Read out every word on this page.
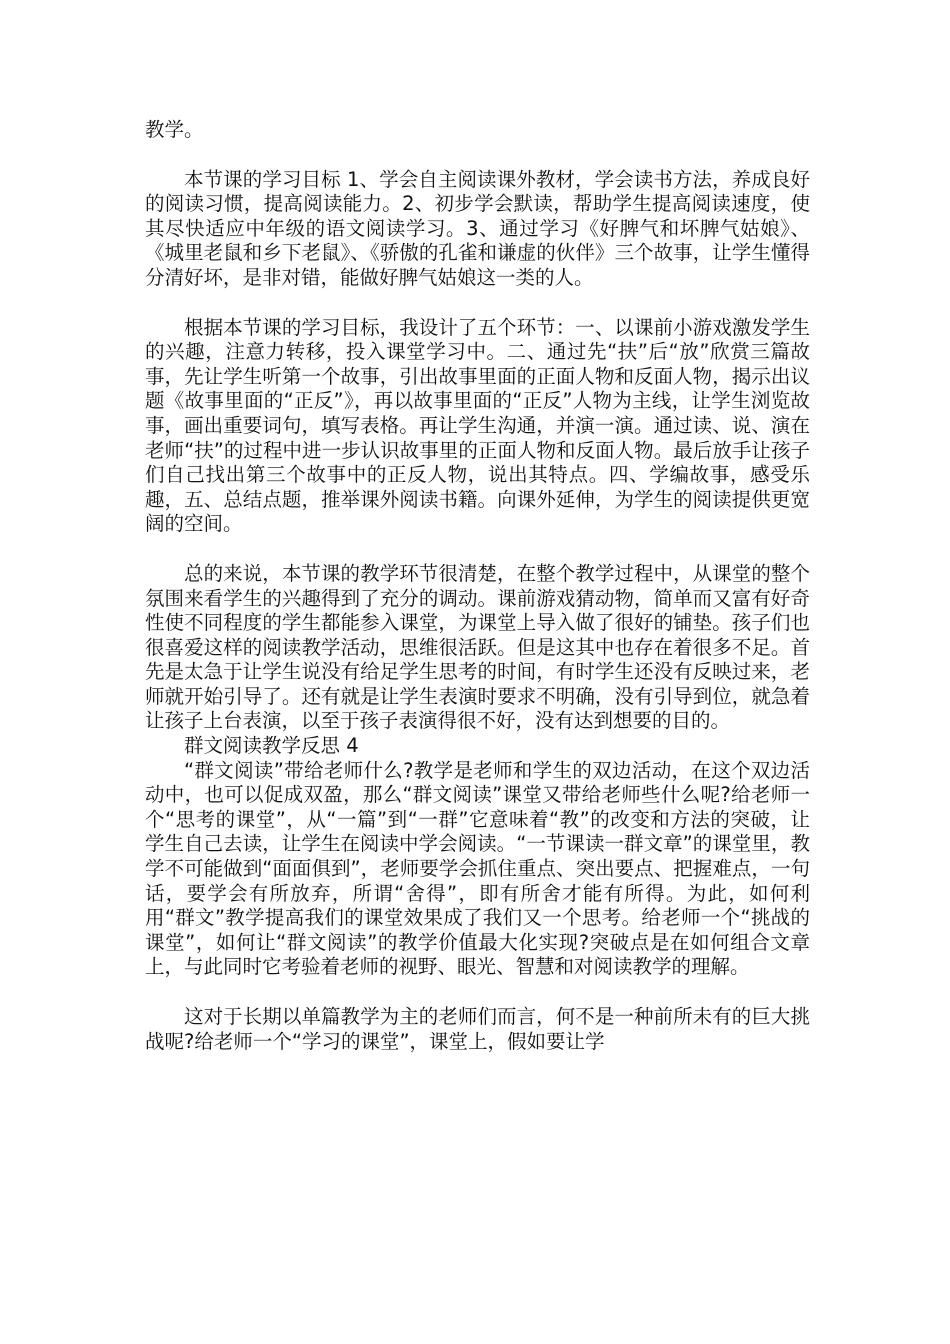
教学。

本节课的学习目标 1、学会自主阅读课外教材，学会读书方法，养成良好的阅读习惯，提高阅读能力。2、初步学会默读，帮助学生提高阅读速度，使其尽快适应中年级的语文阅读学习。3、通过学习《好脾气和坏脾气姑娘》、《城里老鼠和乡下老鼠》、《骄傲的孔雀和谦虚的伙伴》三个故事，让学生懂得分清好坏，是非对错，能做好脾气姑娘这一类的人。

根据本节课的学习目标，我设计了五个环节：一、以课前小游戏激发学生的兴趣，注意力转移，投入课堂学习中。二、通过先“扶”后“放”欣赏三篇故事，先让学生听第一个故事，引出故事里面的正面人物和反面人物，揭示出议题《故事里面的“正反”》，再以故事里面的“正反”人物为主线，让学生浏览故事，画出重要词句，填写表格。再让学生沟通，并演一演。通过读、说、演在老师“扶”的过程中进一步认识故事里的正面人物和反面人物。最后放手让孩子们自己找出第三个故事中的正反人物，说出其特点。四、学编故事，感受乐趣，五、总结点题，推举课外阅读书籍。向课外延伸，为学生的阅读提供更宽阔的空间。

总的来说，本节课的教学环节很清楚，在整个教学过程中，从课堂的整个氛围来看学生的兴趣得到了充分的调动。课前游戏猜动物，简单而又富有好奇性使不同程度的学生都能参入课堂，为课堂上导入做了很好的铺垫。孩子们也很喜爱这样的阅读教学活动，思维很活跃。但是这其中也存在着很多不足。首先是太急于让学生说没有给足学生思考的时间，有时学生还没有反映过来，老师就开始引导了。还有就是让学生表演时要求不明确，没有引导到位，就急着让孩子上台表演，以至于孩子表演得很不好，没有达到想要的目的。

群文阅读教学反思 4

“群文阅读”带给老师什么?教学是老师和学生的双边活动，在这个双边活动中，也可以促成双盈，那么“群文阅读”课堂又带给老师些什么呢?给老师一个“思考的课堂”，从“一篇”到“一群”它意味着“教”的改变和方法的突破，让学生自己去读，让学生在阅读中学会阅读。“一节课读一群文章”的课堂里，教学不可能做到“面面俱到”，老师要学会抓住重点、突出要点、把握难点，一句话，要学会有所放弃，所谓“舍得”，即有所舍才能有所得。为此，如何利用“群文”教学提高我们的课堂效果成了我们又一个思考。给老师一个“挑战的课堂”，如何让“群文阅读”的教学价值最大化实现?突破点是在如何组合文章上，与此同时它考验着老师的视野、眼光、智慧和对阅读教学的理解。

这对于长期以单篇教学为主的老师们而言，何不是一种前所未有的巨大挑战呢?给老师一个“学习的课堂”，课堂上，假如要让学
